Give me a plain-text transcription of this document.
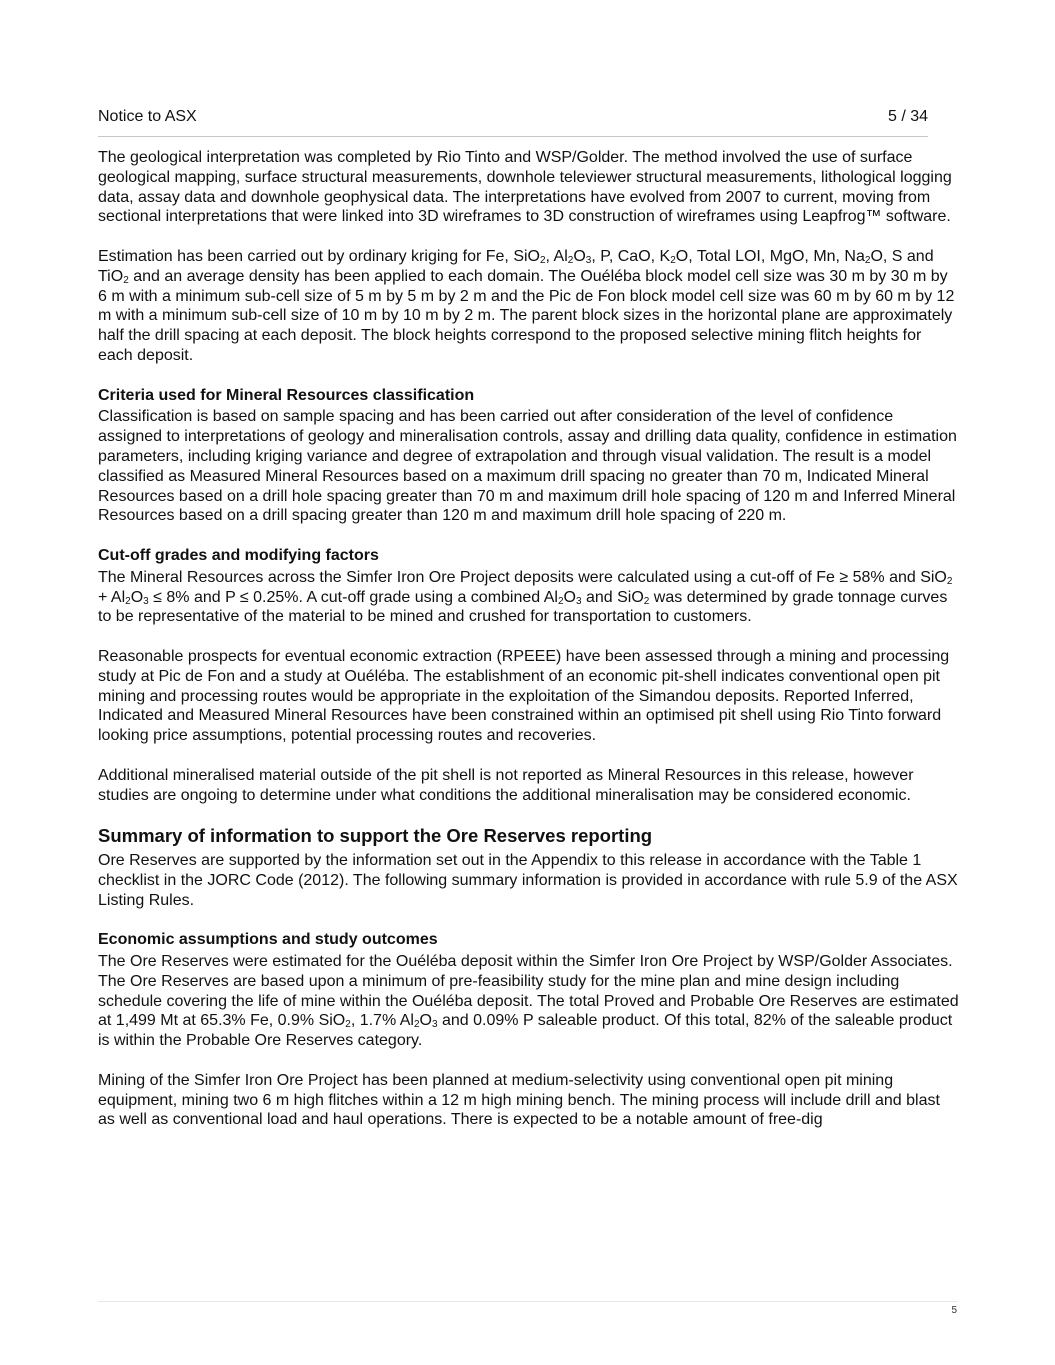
Notice to ASX	5 / 34

The geological interpretation was completed by Rio Tinto and WSP/Golder. The method involved the use of surface geological mapping, surface structural measurements, downhole televiewer structural measurements, lithological logging data, assay data and downhole geophysical data. The interpretations have evolved from 2007 to current, moving from sectional interpretations that were linked into 3D wireframes to 3D construction of wireframes using Leapfrog™ software.

Estimation has been carried out by ordinary kriging for Fe, SiO$_2$, $Al_2O_3$, P, CaO, $K_2O$, Total LOI, MgO, Mn, $Na_2O$, S and TiO$_2$ and an average density has been applied to each domain. The Ouéléba block model cell size was 30 m by 30 m by 6 m with a minimum sub-cell size of 5 m by 5 m by 2 m and the Pic de Fon block model cell size was 60 m by 60 m by 12 m with a minimum sub-cell size of 10 m by 10 m by 2 m. The parent block sizes in the horizontal plane are approximately half the drill spacing at each deposit. The block heights correspond to the proposed selective mining flitch heights for each deposit.

Criteria used for Mineral Resources classification

Classification is based on sample spacing and has been carried out after consideration of the level of confidence assigned to interpretations of geology and mineralisation controls, assay and drilling data quality, confidence in estimation parameters, including kriging variance and degree of extrapolation and through visual validation. The result is a model classified as Measured Mineral Resources based on a maximum drill spacing no greater than 70 m, Indicated Mineral Resources based on a drill hole spacing greater than 70 m and maximum drill hole spacing of 120 m and Inferred Mineral Resources based on a drill spacing greater than 120 m and maximum drill hole spacing of 220 m.

Cut-off grades and modifying factors

The Mineral Resources across the Simfer Iron Ore Project deposits were calculated using a cut-off of Fe ≥ 58% and $SiO_2 + Al_2O_3 \le 8\%$ and P ≤ 0.25%. A cut-off grade using a combined $Al_2O_3$ and SiO$_2$ was determined by grade tonnage curves to be representative of the material to be mined and crushed for transportation to customers.

Reasonable prospects for eventual economic extraction (RPEEE) have been assessed through a mining and processing study at Pic de Fon and a study at Ouéléba. The establishment of an economic pit-shell indicates conventional open pit mining and processing routes would be appropriate in the exploitation of the Simandou deposits. Reported Inferred, Indicated and Measured Mineral Resources have been constrained within an optimised pit shell using Rio Tinto forward looking price assumptions, potential processing routes and recoveries.

Additional mineralised material outside of the pit shell is not reported as Mineral Resources in this release, however studies are ongoing to determine under what conditions the additional mineralisation may be considered economic.

Summary of information to support the Ore Reserves reporting

Ore Reserves are supported by the information set out in the Appendix to this release in accordance with the Table 1 checklist in the JORC Code (2012). The following summary information is provided in accordance with rule 5.9 of the ASX Listing Rules.

Economic assumptions and study outcomes

The Ore Reserves were estimated for the Ouéléba deposit within the Simfer Iron Ore Project by WSP/Golder Associates. The Ore Reserves are based upon a minimum of pre-feasibility study for the mine plan and mine design including schedule covering the life of mine within the Ouéléba deposit. The total Proved and Probable Ore Reserves are estimated at 1,499 Mt at 65.3% Fe, 0.9% SiO$_2$, 1.7% $Al_2O_3$ and 0.09% P saleable product. Of this total, 82% of the saleable product is within the Probable Ore Reserves category.

Mining of the Simfer Iron Ore Project has been planned at medium-selectivity using conventional open pit mining equipment, mining two 6 m high flitches within a 12 m high mining bench. The mining process will include drill and blast as well as conventional load and haul operations. There is expected to be a notable amount of free-dig

5
